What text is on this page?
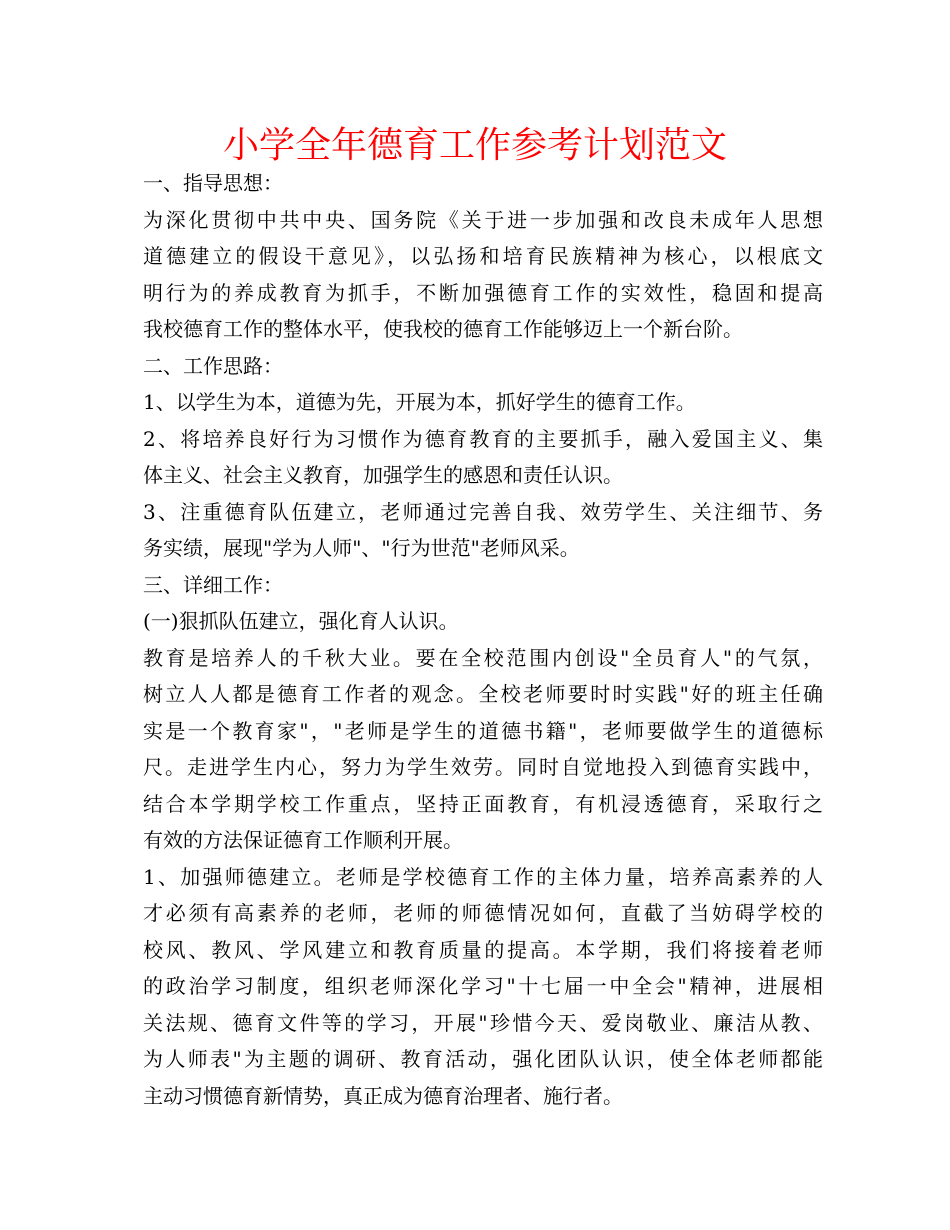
小学全年德育工作参考计划范文
一、指导思想：
为深化贯彻中共中央、国务院《关于进一步加强和改良未成年人思想
道德建立的假设干意见》，以弘扬和培育民族精神为核心，以根底文
明行为的养成教育为抓手，不断加强德育工作的实效性，稳固和提高
我校德育工作的整体水平，使我校的德育工作能够迈上一个新台阶。
二、工作思路：
1、以学生为本，道德为先，开展为本，抓好学生的德育工作。
2、将培养良好行为习惯作为德育教育的主要抓手，融入爱国主义、集
体主义、社会主义教育，加强学生的感恩和责任认识。
3、注重德育队伍建立，老师通过完善自我、效劳学生、关注细节、务
务实绩，展现"学为人师"、"行为世范"老师风采。
三、详细工作：
(一)狠抓队伍建立，强化育人认识。
教育是培养人的千秋大业。要在全校范围内创设"全员育人"的气氛，
树立人人都是德育工作者的观念。全校老师要时时实践"好的班主任确
实是一个教育家"，"老师是学生的道德书籍"，老师要做学生的道德标
尺。走进学生内心，努力为学生效劳。同时自觉地投入到德育实践中，
结合本学期学校工作重点，坚持正面教育，有机浸透德育，采取行之
有效的方法保证德育工作顺利开展。
1、加强师德建立。老师是学校德育工作的主体力量，培养高素养的人
才必须有高素养的老师，老师的师德情况如何，直截了当妨碍学校的
校风、教风、学风建立和教育质量的提高。本学期，我们将接着老师
的政治学习制度，组织老师深化学习"十七届一中全会"精神，进展相
关法规、德育文件等的学习，开展"珍惜今天、爱岗敬业、廉洁从教、
为人师表"为主题的调研、教育活动，强化团队认识，使全体老师都能
主动习惯德育新情势，真正成为德育治理者、施行者。
